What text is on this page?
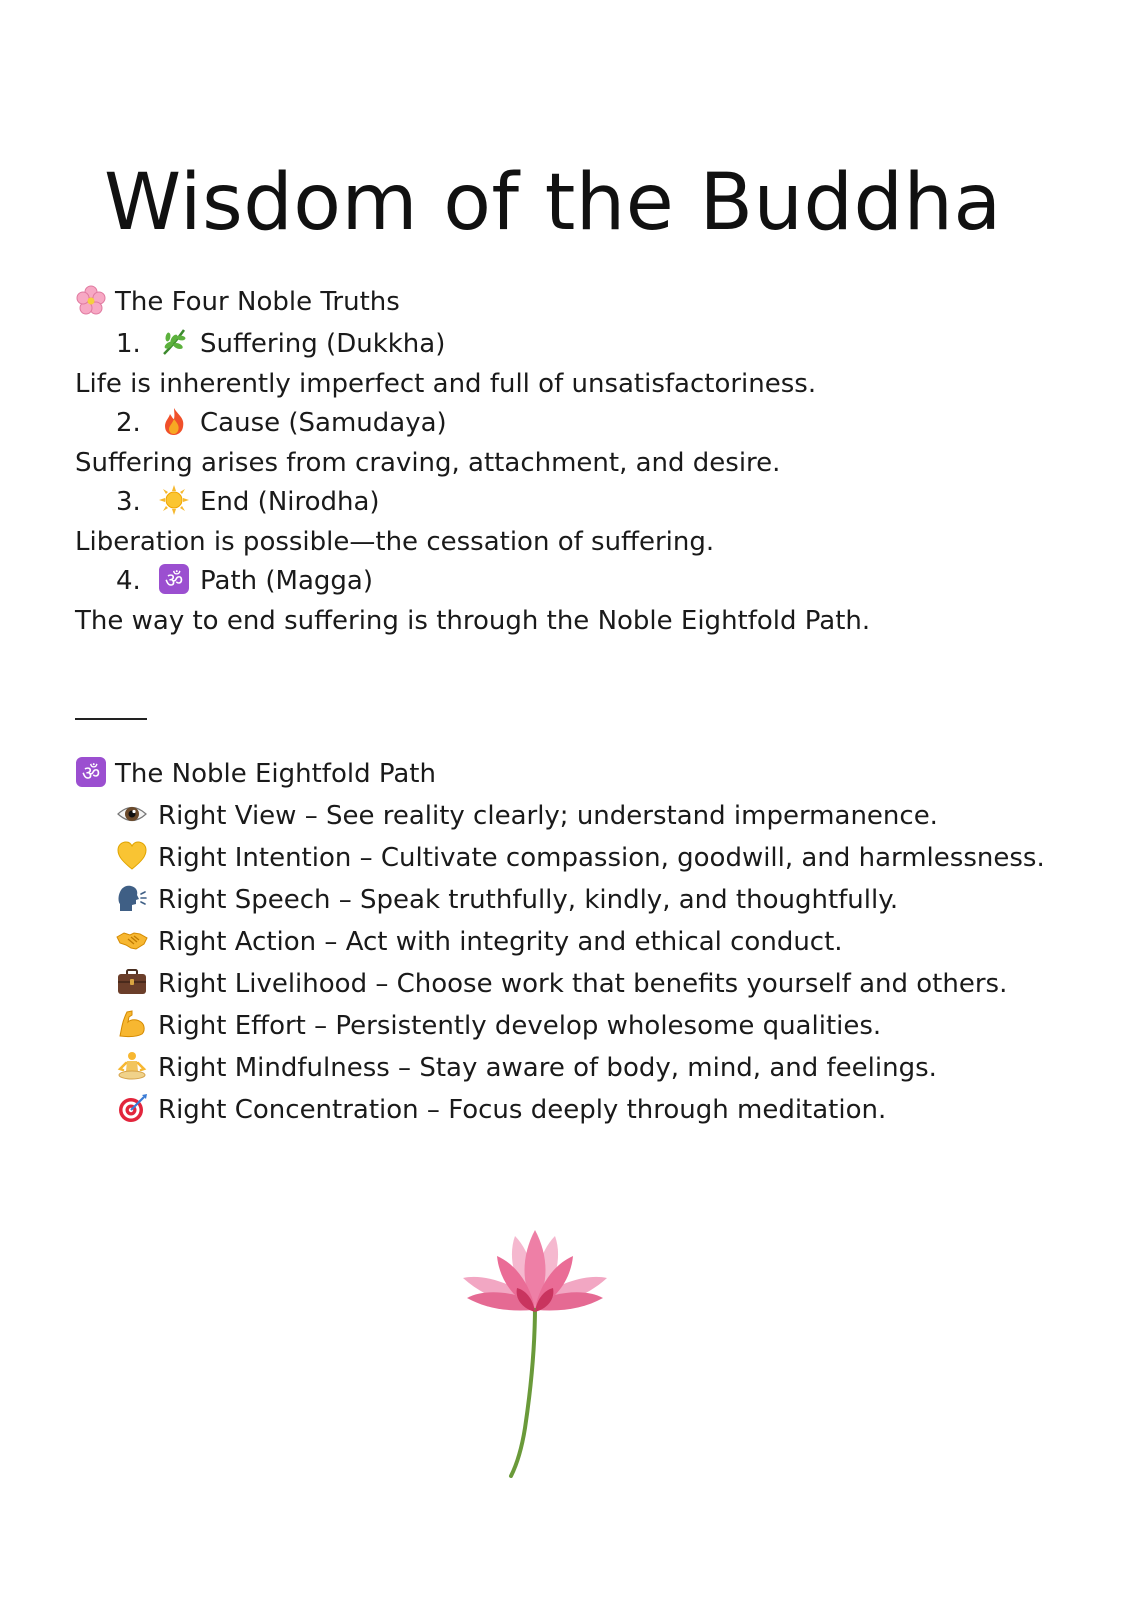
Wisdom of the Buddha
The Four Noble Truths
1. Suffering (Dukkha)
Life is inherently imperfect and full of unsatisfactoriness.
2. Cause (Samudaya)
Suffering arises from craving, attachment, and desire.
3. End (Nirodha)
Liberation is possible—the cessation of suffering.
4. ॐ Path (Magga)
The way to end suffering is through the Noble Eightfold Path.
ॐ The Noble Eightfold Path
Right View – See reality clearly; understand impermanence.
Right Intention – Cultivate compassion, goodwill, and harmlessness.
Right Speech – Speak truthfully, kindly, and thoughtfully.
Right Action – Act with integrity and ethical conduct.
Right Livelihood – Choose work that benefits yourself and others.
Right Effort – Persistently develop wholesome qualities.
Right Mindfulness – Stay aware of body, mind, and feelings.
Right Concentration – Focus deeply through meditation.
